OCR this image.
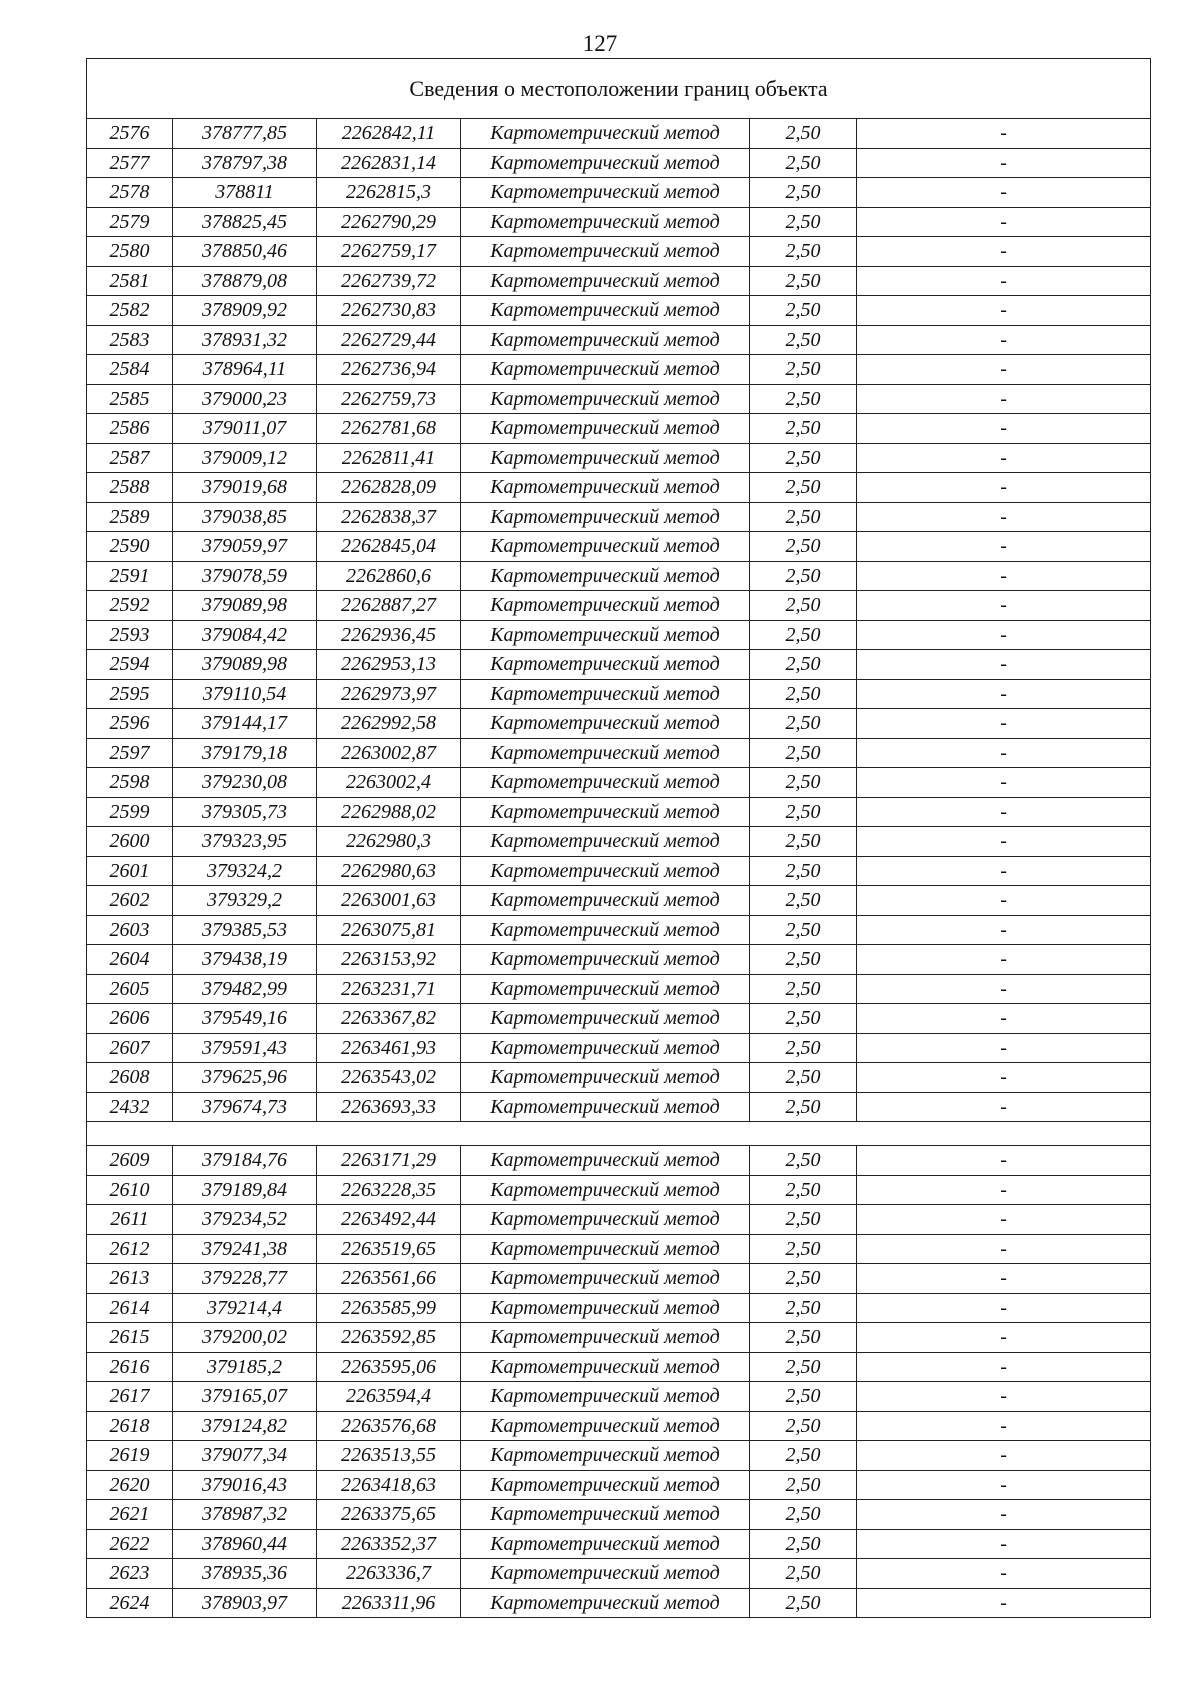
127
Сведения о местоположении границ объекта					
2576	378777,85	2262842,11	Картометрический метод	2,50	-
2577	378797,38	2262831,14	Картометрический метод	2,50	-
2578	378811	2262815,3	Картометрический метод	2,50	-
2579	378825,45	2262790,29	Картометрический метод	2,50	-
2580	378850,46	2262759,17	Картометрический метод	2,50	-
2581	378879,08	2262739,72	Картометрический метод	2,50	-
2582	378909,92	2262730,83	Картометрический метод	2,50	-
2583	378931,32	2262729,44	Картометрический метод	2,50	-
2584	378964,11	2262736,94	Картометрический метод	2,50	-
2585	379000,23	2262759,73	Картометрический метод	2,50	-
2586	379011,07	2262781,68	Картометрический метод	2,50	-
2587	379009,12	2262811,41	Картометрический метод	2,50	-
2588	379019,68	2262828,09	Картометрический метод	2,50	-
2589	379038,85	2262838,37	Картометрический метод	2,50	-
2590	379059,97	2262845,04	Картометрический метод	2,50	-
2591	379078,59	2262860,6	Картометрический метод	2,50	-
2592	379089,98	2262887,27	Картометрический метод	2,50	-
2593	379084,42	2262936,45	Картометрический метод	2,50	-
2594	379089,98	2262953,13	Картометрический метод	2,50	-
2595	379110,54	2262973,97	Картометрический метод	2,50	-
2596	379144,17	2262992,58	Картометрический метод	2,50	-
2597	379179,18	2263002,87	Картометрический метод	2,50	-
2598	379230,08	2263002,4	Картометрический метод	2,50	-
2599	379305,73	2262988,02	Картометрический метод	2,50	-
2600	379323,95	2262980,3	Картометрический метод	2,50	-
2601	379324,2	2262980,63	Картометрический метод	2,50	-
2602	379329,2	2263001,63	Картометрический метод	2,50	-
2603	379385,53	2263075,81	Картометрический метод	2,50	-
2604	379438,19	2263153,92	Картометрический метод	2,50	-
2605	379482,99	2263231,71	Картометрический метод	2,50	-
2606	379549,16	2263367,82	Картометрический метод	2,50	-
2607	379591,43	2263461,93	Картометрический метод	2,50	-
2608	379625,96	2263543,02	Картометрический метод	2,50	-
2432	379674,73	2263693,33	Картометрический метод	2,50	-

2609	379184,76	2263171,29	Картометрический метод	2,50	-
2610	379189,84	2263228,35	Картометрический метод	2,50	-
2611	379234,52	2263492,44	Картометрический метод	2,50	-
2612	379241,38	2263519,65	Картометрический метод	2,50	-
2613	379228,77	2263561,66	Картометрический метод	2,50	-
2614	379214,4	2263585,99	Картометрический метод	2,50	-
2615	379200,02	2263592,85	Картометрический метод	2,50	-
2616	379185,2	2263595,06	Картометрический метод	2,50	-
2617	379165,07	2263594,4	Картометрический метод	2,50	-
2618	379124,82	2263576,68	Картометрический метод	2,50	-
2619	379077,34	2263513,55	Картометрический метод	2,50	-
2620	379016,43	2263418,63	Картометрический метод	2,50	-
2621	378987,32	2263375,65	Картометрический метод	2,50	-
2622	378960,44	2263352,37	Картометрический метод	2,50	-
2623	378935,36	2263336,7	Картометрический метод	2,50	-
2624	378903,97	2263311,96	Картометрический метод	2,50	-
